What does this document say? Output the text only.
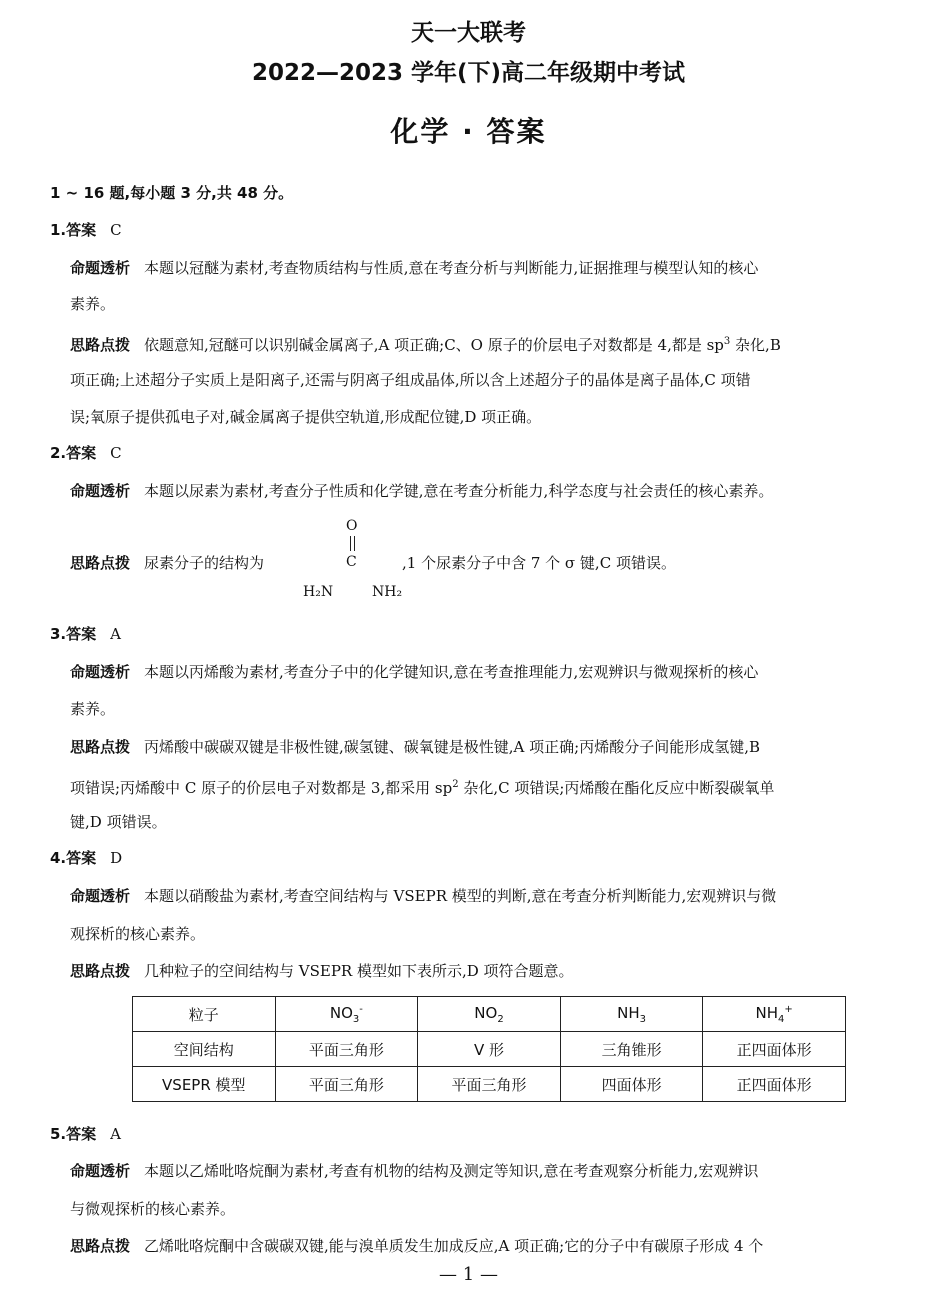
天一大联考
2022—2023 学年(下)高二年级期中考试
化学 · 答案
1 ~ 16 题,每小题 3 分,共 48 分。
1.答案 C
命题透析 本题以冠醚为素材,考查物质结构与性质,意在考查分析与判断能力,证据推理与模型认知的核心
素养。
思路点拨 依题意知,冠醚可以识别碱金属离子,A 项正确;C、O 原子的价层电子对数都是 4,都是 $sp^3$ 杂化,B
项正确;上述超分子实质上是阳离子,还需与阴离子组成晶体,所以含上述超分子的晶体是离子晶体,C 项错
误;氧原子提供孤电子对,碱金属离子提供空轨道,形成配位键,D 项正确。
2.答案 C
命题透析 本题以尿素为素材,考查分子性质和化学键,意在考查分析能力,科学态度与社会责任的核心素养。
思路点拨 尿素分子的结构为
O
C
H₂N	NH₂
,1 个尿素分子中含 7 个 σ 键,C 项错误。
3.答案 A
命题透析 本题以丙烯酸为素材,考查分子中的化学键知识,意在考查推理能力,宏观辨识与微观探析的核心
素养。
思路点拨 丙烯酸中碳碳双键是非极性键,碳氢键、碳氧键是极性键,A 项正确;丙烯酸分子间能形成氢键,B
项错误;丙烯酸中 C 原子的价层电子对数都是 3,都采用 $sp^2$ 杂化,C 项错误;丙烯酸在酯化反应中断裂碳氧单
键,D 项错误。
4.答案 D
命题透析 本题以硝酸盐为素材,考查空间结构与 VSEPR 模型的判断,意在考查分析判断能力,宏观辨识与微
观探析的核心素养。
思路点拨 几种粒子的空间结构与 VSEPR 模型如下表所示,D 项符合题意。
粒子	$NO_3^-$	$NO_2$	$NH_3$	$NH_4^+$
空间结构	平面三角形	V 形	三角锥形	正四面体形
VSEPR 模型	平面三角形	平面三角形	四面体形	正四面体形
5.答案 A
命题透析 本题以乙烯吡咯烷酮为素材,考查有机物的结构及测定等知识,意在考查观察分析能力,宏观辨识
与微观探析的核心素养。
思路点拨 乙烯吡咯烷酮中含碳碳双键,能与溴单质发生加成反应,A 项正确;它的分子中有碳原子形成 4 个
— 1 —
